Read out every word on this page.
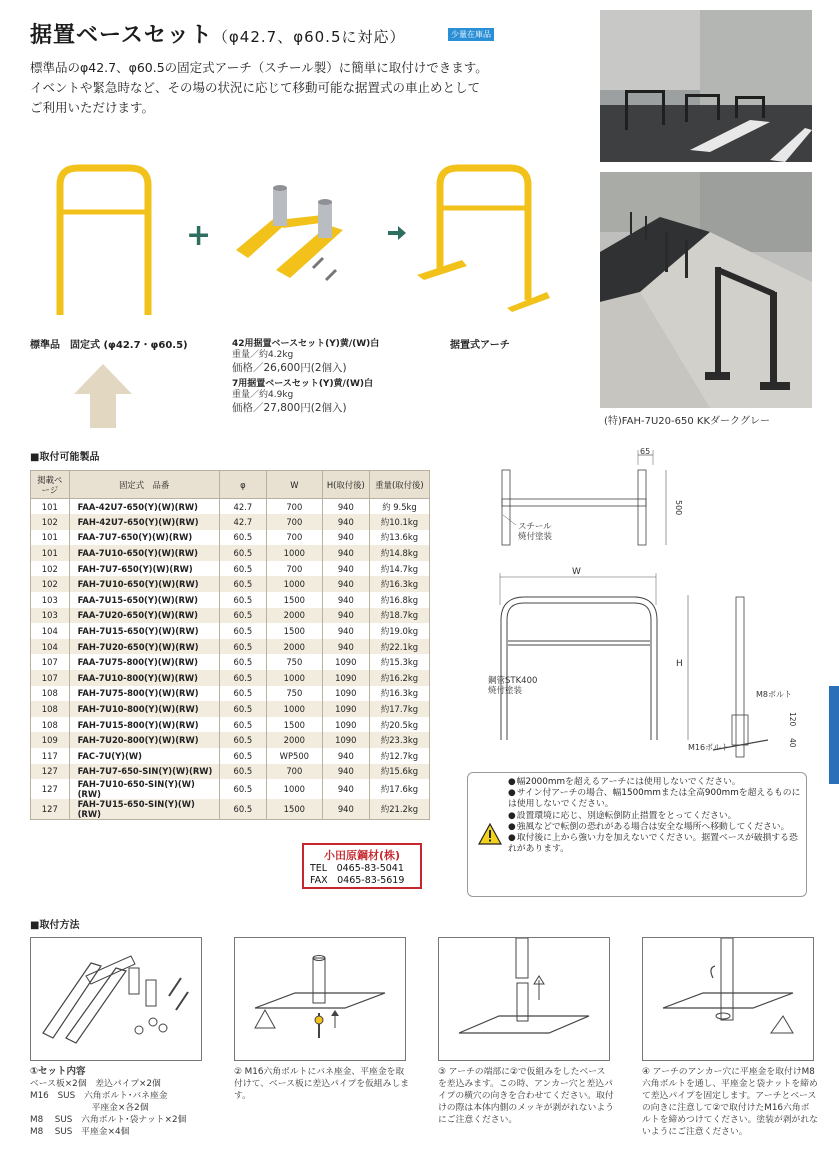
据置ベースセット（φ42.7、φ60.5に対応）	少量在庫品
標準品のφ42.7、φ60.5の固定式アーチ（スチール製）に簡単に取付けできます。
イベントや緊急時など、その場の状況に応じて移動可能な据置式の車止めとして
ご利用いただけます。
(特)FAH-7U20-650 KKダークグレー
+
標準品　固定式 (φ42.7・φ60.5)	42用据置ベースセット(Y)黄/(W)白
重量／約4.2kg
価格／26,600円(2個入)
7用据置ベースセット(Y)黄/(W)白
重量／約4.9kg
価格／27,800円(2個入)
据置式アーチ
■取付可能製品
掲載ページ	固定式　品番	φ	W	H(取付後)	重量(取付後)
101	FAA-42U7-650(Y)(W)(RW)	42.7	700	940	約 9.5kg
102	FAH-42U7-650(Y)(W)(RW)	42.7	700	940	約10.1kg
101	FAA-7U7-650(Y)(W)(RW)	60.5	700	940	約13.6kg
101	FAA-7U10-650(Y)(W)(RW)	60.5	1000	940	約14.8kg
102	FAH-7U7-650(Y)(W)(RW)	60.5	700	940	約14.7kg
102	FAH-7U10-650(Y)(W)(RW)	60.5	1000	940	約16.3kg
103	FAA-7U15-650(Y)(W)(RW)	60.5	1500	940	約16.8kg
103	FAA-7U20-650(Y)(W)(RW)	60.5	2000	940	約18.7kg
104	FAH-7U15-650(Y)(W)(RW)	60.5	1500	940	約19.0kg
104	FAH-7U20-650(Y)(W)(RW)	60.5	2000	940	約22.1kg
107	FAA-7U75-800(Y)(W)(RW)	60.5	750	1090	約15.3kg
107	FAA-7U10-800(Y)(W)(RW)	60.5	1000	1090	約16.2kg
108	FAH-7U75-800(Y)(W)(RW)	60.5	750	1090	約16.3kg
108	FAH-7U10-800(Y)(W)(RW)	60.5	1000	1090	約17.7kg
108	FAH-7U15-800(Y)(W)(RW)	60.5	1500	1090	約20.5kg
109	FAH-7U20-800(Y)(W)(RW)	60.5	2000	1090	約23.3kg
117	FAC-7U(Y)(W)	60.5	WP500	940	約12.7kg
127	FAH-7U7-650-SIN(Y)(W)(RW)	60.5	700	940	約15.6kg
127	FAH-7U10-650-SIN(Y)(W)(RW)	60.5	1000	940	約17.6kg
127	FAH-7U15-650-SIN(Y)(W)(RW)	60.5	1500	940	約21.2kg
65
500
スチール
焼付塗装
W
H
鋼管STK400
焼付塗装	M8ボルト
120
40
M16ボルト
小田原鋼材(株)
TEL　0465-83-5041
FAX　0465-83-5619
● 幅2000mmを超えるアーチには使用しないでください。
● サイン付アーチの場合、幅1500mmまたは全高900mmを超えるものには使用しないでください。
● 設置環境に応じ、別途転倒防止措置をとってください。
● 強風などで転倒の恐れがある場合は安全な場所へ移動してください。
● 取付後に上から強い力を加えないでください。据置ベースが破損する恐れがあります。
■取付方法
①セット内容
ベース板×2個　差込パイプ×2個
M16　SUS　六角ボルト･バネ座金
　　　　　　　平座金×各2個
M8　 SUS　六角ボルト･袋ナット×2個
M8　 SUS　平座金×4個
② M16六角ボルトにバネ座金、平座金を取付けて、ベース板に差込パイプを仮組みします。
③ アーチの端部に②で仮組みをしたベースを差込みます。この時、アンカー穴と差込パイプの横穴の向きを合わせてください。取付けの際は本体内側のメッキが剥がれないようにご注意ください。
④ アーチのアンカー穴に平座金を取付けM8六角ボルトを通し、平座金と袋ナットを締めて差込パイプを固定します。アーチとベースの向きに注意して②で取付けたM16六角ボルトを締めつけてください。塗装が剥がれないようにご注意ください。
